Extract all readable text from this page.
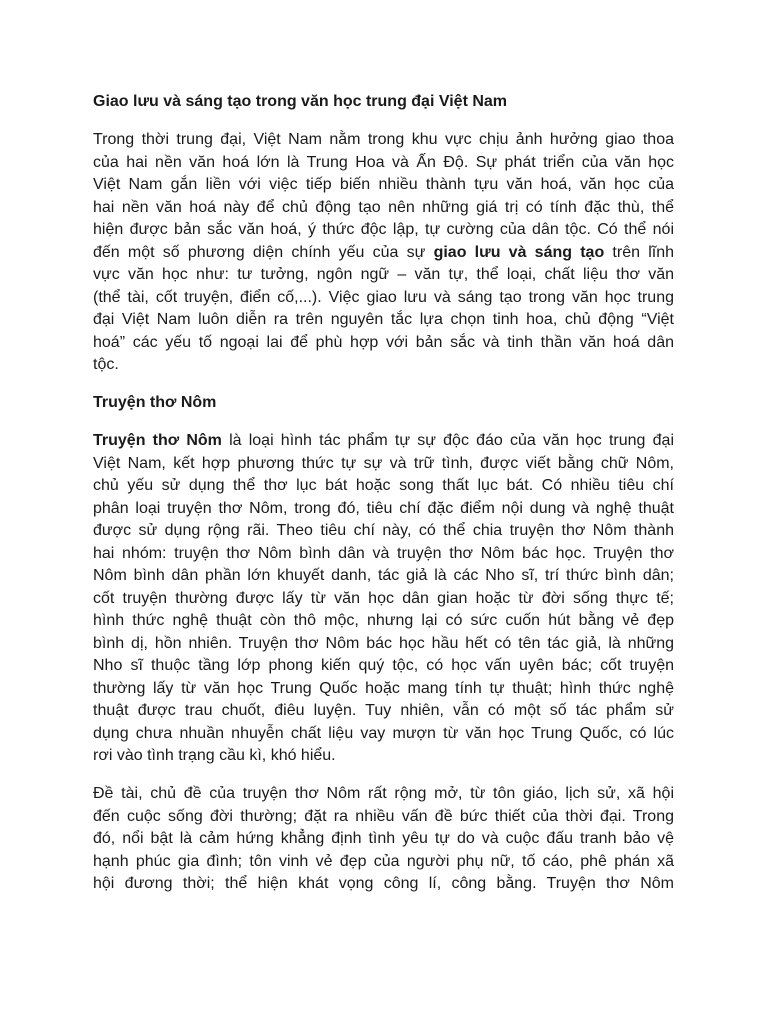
Giao lưu và sáng tạo trong văn học trung đại Việt Nam
Trong thời trung đại, Việt Nam nằm trong khu vực chịu ảnh hưởng giao thoa
của hai nền văn hoá lớn là Trung Hoa và Ấn Độ. Sự phát triển của văn học
Việt Nam gắn liền với việc tiếp biến nhiều thành tựu văn hoá, văn học của
hai nền văn hoá này để chủ động tạo nên những giá trị có tính đặc thù, thể
hiện được bản sắc văn hoá, ý thức độc lập, tự cường của dân tộc. Có thể nói
đến một số phương diện chính yếu của sự giao lưu và sáng tạo trên lĩnh
vực văn học như: tư tưởng, ngôn ngữ – văn tự, thể loại, chất liệu thơ văn
(thể tài, cốt truyện, điển cố,...). Việc giao lưu và sáng tạo trong văn học trung
đại Việt Nam luôn diễn ra trên nguyên tắc lựa chọn tinh hoa, chủ động “Việt
hoá” các yếu tố ngoại lai để phù hợp với bản sắc và tinh thần văn hoá dân
tộc.
Truyện thơ Nôm
Truyện thơ Nôm là loại hình tác phẩm tự sự độc đáo của văn học trung đại
Việt Nam, kết hợp phương thức tự sự và trữ tình, được viết bằng chữ Nôm,
chủ yếu sử dụng thể thơ lục bát hoặc song thất lục bát. Có nhiều tiêu chí
phân loại truyện thơ Nôm, trong đó, tiêu chí đặc điểm nội dung và nghệ thuật
được sử dụng rộng rãi. Theo tiêu chí này, có thể chia truyện thơ Nôm thành
hai nhóm: truyện thơ Nôm bình dân và truyện thơ Nôm bác học. Truyện thơ
Nôm bình dân phần lớn khuyết danh, tác giả là các Nho sĩ, trí thức bình dân;
cốt truyện thường được lấy từ văn học dân gian hoặc từ đời sống thực tế;
hình thức nghệ thuật còn thô mộc, nhưng lại có sức cuốn hút bằng vẻ đẹp
bình dị, hồn nhiên. Truyện thơ Nôm bác học hầu hết có tên tác giả, là những
Nho sĩ thuộc tầng lớp phong kiến quý tộc, có học vấn uyên bác; cốt truyện
thường lấy từ văn học Trung Quốc hoặc mang tính tự thuật; hình thức nghệ
thuật được trau chuốt, điêu luyện. Tuy nhiên, vẫn có một số tác phẩm sử
dụng chưa nhuần nhuyễn chất liệu vay mượn từ văn học Trung Quốc, có lúc
rơi vào tình trạng cầu kì, khó hiểu.
Đề tài, chủ đề của truyện thơ Nôm rất rộng mở, từ tôn giáo, lịch sử, xã hội
đến cuộc sống đời thường; đặt ra nhiều vấn đề bức thiết của thời đại. Trong
đó, nổi bật là cảm hứng khẳng định tình yêu tự do và cuộc đấu tranh bảo vệ
hạnh phúc gia đình; tôn vinh vẻ đẹp của người phụ nữ, tố cáo, phê phán xã
hội đương thời; thể hiện khát vọng công lí, công bằng. Truyện thơ Nôm
